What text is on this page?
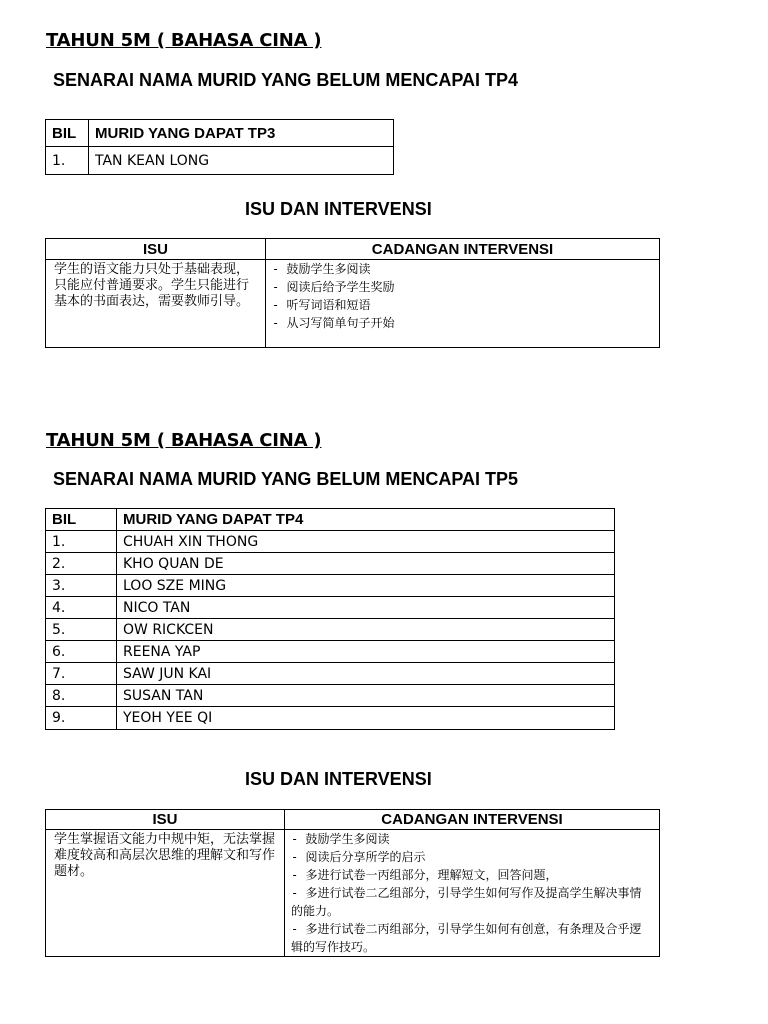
TAHUN 5M ( BAHASA CINA )
SENARAI NAMA MURID YANG BELUM MENCAPAI TP4
BIL	MURID YANG DAPAT TP3
1.	TAN KEAN LONG
ISU DAN INTERVENSI
ISU	CADANGAN INTERVENSI
学生的语文能力只处于基础表现，只能应付普通要求。学生只能进行基本的书面表达，需要教师引导。	- 鼓励学生多阅读
- 阅读后给予学生奖励
- 听写词语和短语
- 从习写简单句子开始
TAHUN 5M ( BAHASA CINA )
SENARAI NAMA MURID YANG BELUM MENCAPAI TP5
BIL	MURID YANG DAPAT TP4
1.	CHUAH XIN THONG
2.	KHO QUAN DE
3.	LOO SZE MING
4.	NICO TAN
5.	OW RICKCEN
6.	REENA YAP
7.	SAW JUN KAI
8.	SUSAN TAN
9.	YEOH YEE QI
ISU DAN INTERVENSI
ISU	CADANGAN INTERVENSI
学生掌握语文能力中规中矩，无法掌握难度较高和高层次思维的理解文和写作题材。	- 鼓励学生多阅读
- 阅读后分享所学的启示
- 多进行试卷一丙组部分，理解短文，回答问题，
- 多进行试卷二乙组部分，引导学生如何写作及提高学生解决事情的能力。
- 多进行试卷二丙组部分，引导学生如何有创意，有条理及合乎逻辑的写作技巧。
